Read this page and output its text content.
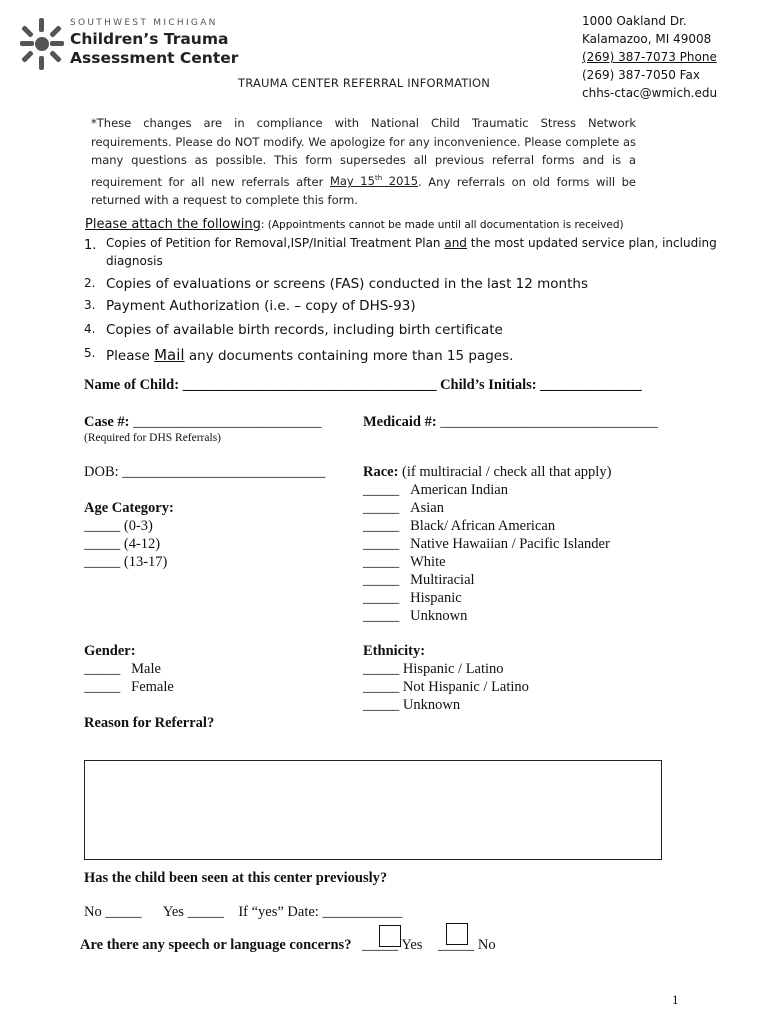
SOUTHWEST MICHIGAN
Children’s Trauma
Assessment Center
1000 Oakland Dr.
Kalamazoo, MI 49008
(269) 387-7073 Phone
(269) 387-7050 Fax
chhs-ctac@wmich.edu
TRAUMA CENTER REFERRAL INFORMATION
*These changes are in compliance with National Child Traumatic Stress Network requirements. Please do NOT modify. We apologize for any inconvenience. Please complete as many questions as possible. This form supersedes all previous referral forms and is a requirement for all new referrals after May 15th 2015. Any referrals on old forms will be returned with a request to complete this form.
Please attach the following: (Appointments cannot be made until all documentation is received)
1. Copies of Petition for Removal,ISP/Initial Treatment Plan and the most updated service plan, including
diagnosis
2. Copies of evaluations or screens (FAS) conducted in the last 12 months
3. Payment Authorization (i.e. – copy of DHS-93)
4. Copies of available birth records, including birth certificate
5. Please Mail any documents containing more than 15 pages.
Name of Child: ___________________________________ Child’s Initials: ______________
Case #: __________________________
(Required for DHS Referrals)
Medicaid #: ______________________________
DOB: ____________________________	Race: (if multiracial / check all that apply)
_____ American Indian
_____ Asian
_____ Black/ African American
_____ Native Hawaiian / Pacific Islander
_____ White
_____ Multiracial
_____ Hispanic
_____ Unknown
Age Category:
_____ (0-3)
_____ (4-12)
_____ (13-17)
Gender:
_____ Male
_____ Female
Ethnicity:
_____ Hispanic / Latino
_____ Not Hispanic / Latino
_____ Unknown
Reason for Referral?
Has the child been seen at this center previously?
No _____ Yes _____ If “yes” Date: ___________
Are there any speech or language concerns? _____ Yes _____ No
1
